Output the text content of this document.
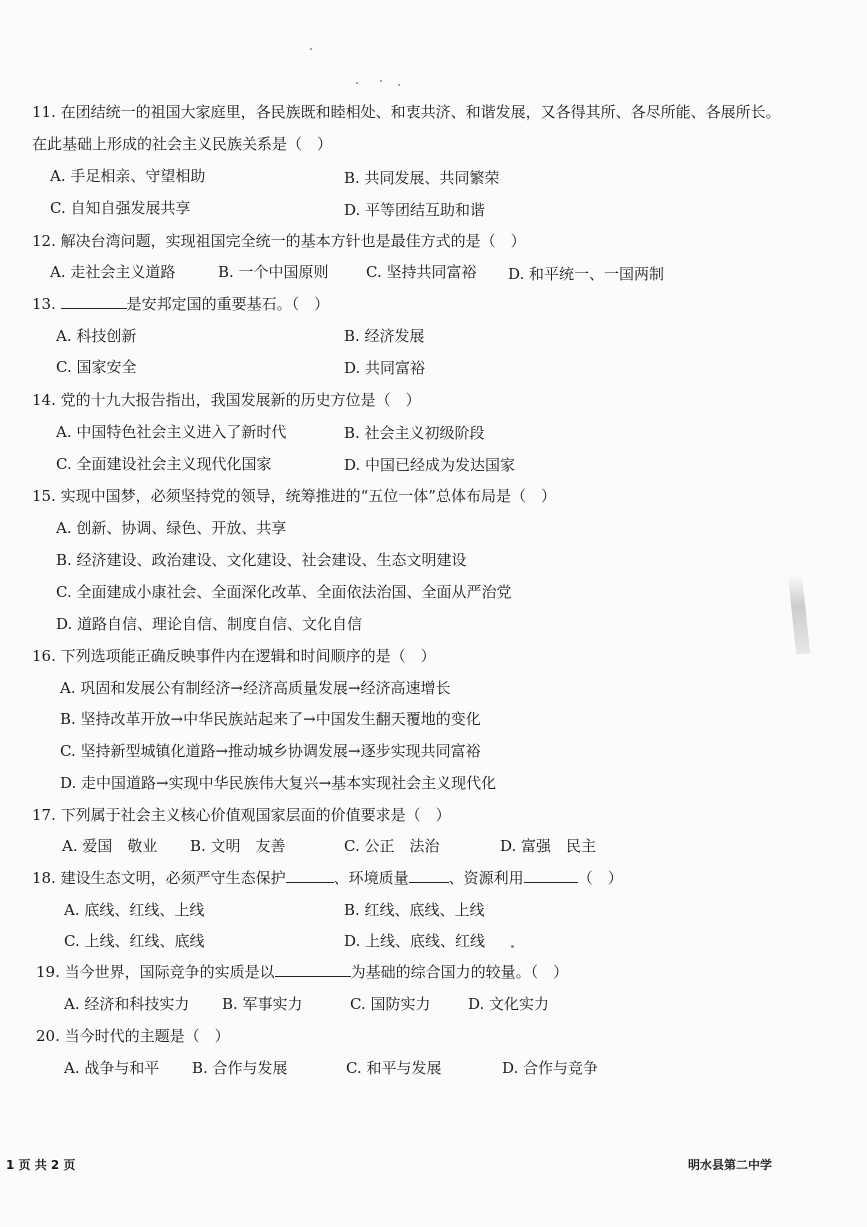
11. 在团结统一的祖国大家庭里，各民族既和睦相处、和衷共济、和谐发展，又各得其所、各尽所能、各展所长。在此基础上形成的社会主义民族关系是（　）
A. 手足相亲、守望相助	B. 共同发展、共同繁荣
C. 自知自强发展共享	D. 平等团结互助和谐
12. 解决台湾问题，实现祖国完全统一的基本方针也是最佳方式的是（　）
A. 走社会主义道路	B. 一个中国原则 C. 坚持共同富裕 D. 和平统一、一国两制
13.	是安邦定国的重要基石。（　）
A. 科技创新	B. 经济发展
C. 国家安全	D. 共同富裕
14. 党的十九大报告指出，我国发展新的历史方位是（　）
A. 中国特色社会主义进入了新时代	B. 社会主义初级阶段
C. 全面建设社会主义现代化国家	D. 中国已经成为发达国家
15. 实现中国梦，必须坚持党的领导，统筹推进的“五位一体”总体布局是（　）
A. 创新、协调、绿色、开放、共享
B. 经济建设、政治建设、文化建设、社会建设、生态文明建设
C. 全面建成小康社会、全面深化改革、全面依法治国、全面从严治党
D. 道路自信、理论自信、制度自信、文化自信
16. 下列选项能正确反映事件内在逻辑和时间顺序的是（　）
A. 巩固和发展公有制经济→经济高质量发展→经济高速增长
B. 坚持改革开放→中华民族站起来了→中国发生翻天覆地的变化
C. 坚持新型城镇化道路→推动城乡协调发展→逐步实现共同富裕
D. 走中国道路→实现中华民族伟大复兴→基本实现社会主义现代化
17. 下列属于社会主义核心价值观国家层面的价值要求是（　）
A. 爱国　敬业 B. 文明　友善	C. 公正　法治	D. 富强　民主
18. 建设生态文明，必须严守生态保护	、环境质量	、资源利用	（　）
A. 底线、红线、上线	B. 红线、底线、上线
C. 上线、红线、底线	D. 上线、底线、红线
19. 当今世界，国际竞争的实质是以	为基础的综合国力的较量。（　）
A. 经济和科技实力 B. 军事实力	C. 国防实力	D. 文化实力
20. 当今时代的主题是（　）
A. 战争与和平 B. 合作与发展	C. 和平与发展	D. 合作与竞争
1 页 共 2 页	明水县第二中学
